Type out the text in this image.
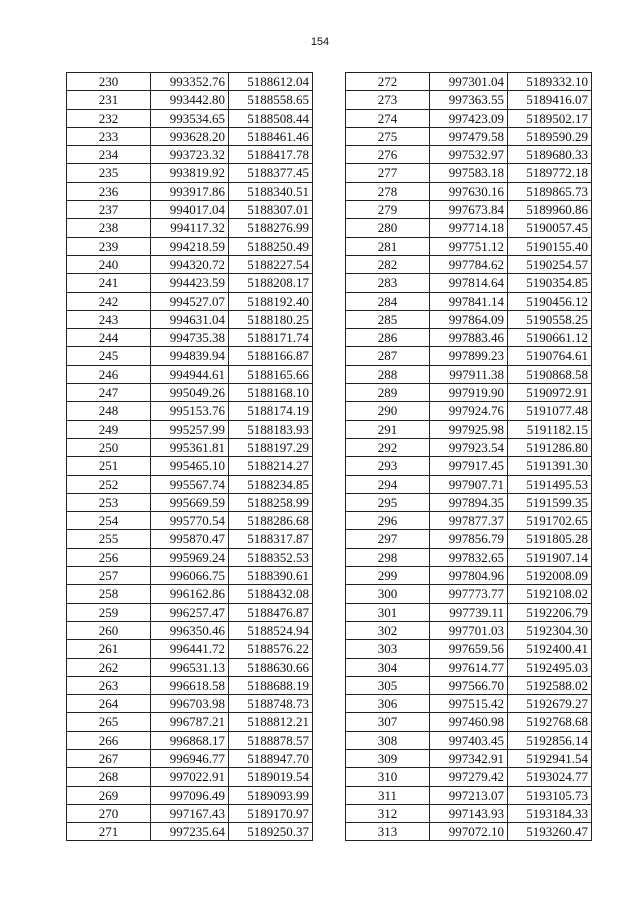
154
230	993352.76	5188612.04
231	993442.80	5188558.65
232	993534.65	5188508.44
233	993628.20	5188461.46
234	993723.32	5188417.78
235	993819.92	5188377.45
236	993917.86	5188340.51
237	994017.04	5188307.01
238	994117.32	5188276.99
239	994218.59	5188250.49
240	994320.72	5188227.54
241	994423.59	5188208.17
242	994527.07	5188192.40
243	994631.04	5188180.25
244	994735.38	5188171.74
245	994839.94	5188166.87
246	994944.61	5188165.66
247	995049.26	5188168.10
248	995153.76	5188174.19
249	995257.99	5188183.93
250	995361.81	5188197.29
251	995465.10	5188214.27
252	995567.74	5188234.85
253	995669.59	5188258.99
254	995770.54	5188286.68
255	995870.47	5188317.87
256	995969.24	5188352.53
257	996066.75	5188390.61
258	996162.86	5188432.08
259	996257.47	5188476.87
260	996350.46	5188524.94
261	996441.72	5188576.22
262	996531.13	5188630.66
263	996618.58	5188688.19
264	996703.98	5188748.73
265	996787.21	5188812.21
266	996868.17	5188878.57
267	996946.77	5188947.70
268	997022.91	5189019.54
269	997096.49	5189093.99
270	997167.43	5189170.97
271	997235.64	5189250.37
272	997301.04	5189332.10
273	997363.55	5189416.07
274	997423.09	5189502.17
275	997479.58	5189590.29
276	997532.97	5189680.33
277	997583.18	5189772.18
278	997630.16	5189865.73
279	997673.84	5189960.86
280	997714.18	5190057.45
281	997751.12	5190155.40
282	997784.62	5190254.57
283	997814.64	5190354.85
284	997841.14	5190456.12
285	997864.09	5190558.25
286	997883.46	5190661.12
287	997899.23	5190764.61
288	997911.38	5190868.58
289	997919.90	5190972.91
290	997924.76	5191077.48
291	997925.98	5191182.15
292	997923.54	5191286.80
293	997917.45	5191391.30
294	997907.71	5191495.53
295	997894.35	5191599.35
296	997877.37	5191702.65
297	997856.79	5191805.28
298	997832.65	5191907.14
299	997804.96	5192008.09
300	997773.77	5192108.02
301	997739.11	5192206.79
302	997701.03	5192304.30
303	997659.56	5192400.41
304	997614.77	5192495.03
305	997566.70	5192588.02
306	997515.42	5192679.27
307	997460.98	5192768.68
308	997403.45	5192856.14
309	997342.91	5192941.54
310	997279.42	5193024.77
311	997213.07	5193105.73
312	997143.93	5193184.33
313	997072.10	5193260.47
